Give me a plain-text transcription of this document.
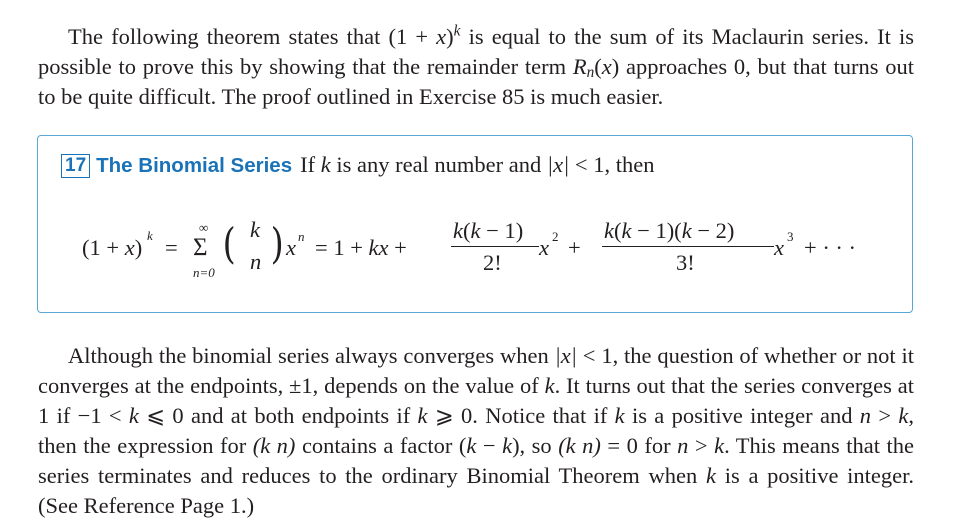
The following theorem states that $(1 + x)^k$ is equal to the sum of its Maclaurin series. It is possible to prove this by showing that the remainder term $R_n(x)$ approaches 0, but that turns out to be quite difficult. The proof outlined in Exercise 85 is much easier.
17 The Binomial Series If k is any real number and |x| < 1, then
(1 + x) k =
∞
Σ
n=0
( k
n ) x n = 1 + kx +
k(k − 1)
2!
x 2 +
k(k − 1)(k − 2)
3!
x 3 + · · ·
Although the binomial series always converges when |x| < 1, the question of whether or not it converges at the endpoints, ±1, depends on the value of k. It turns out that the series converges at 1 if −1 < k ⩽ 0 and at both endpoints if k ⩾ 0. Notice that if k is a positive integer and n > k, then the expression for (k n) contains a factor (k − k), so (k n) = 0 for n > k. This means that the series terminates and reduces to the ordinary Binomial Theorem when k is a positive integer. (See Reference Page 1.)
